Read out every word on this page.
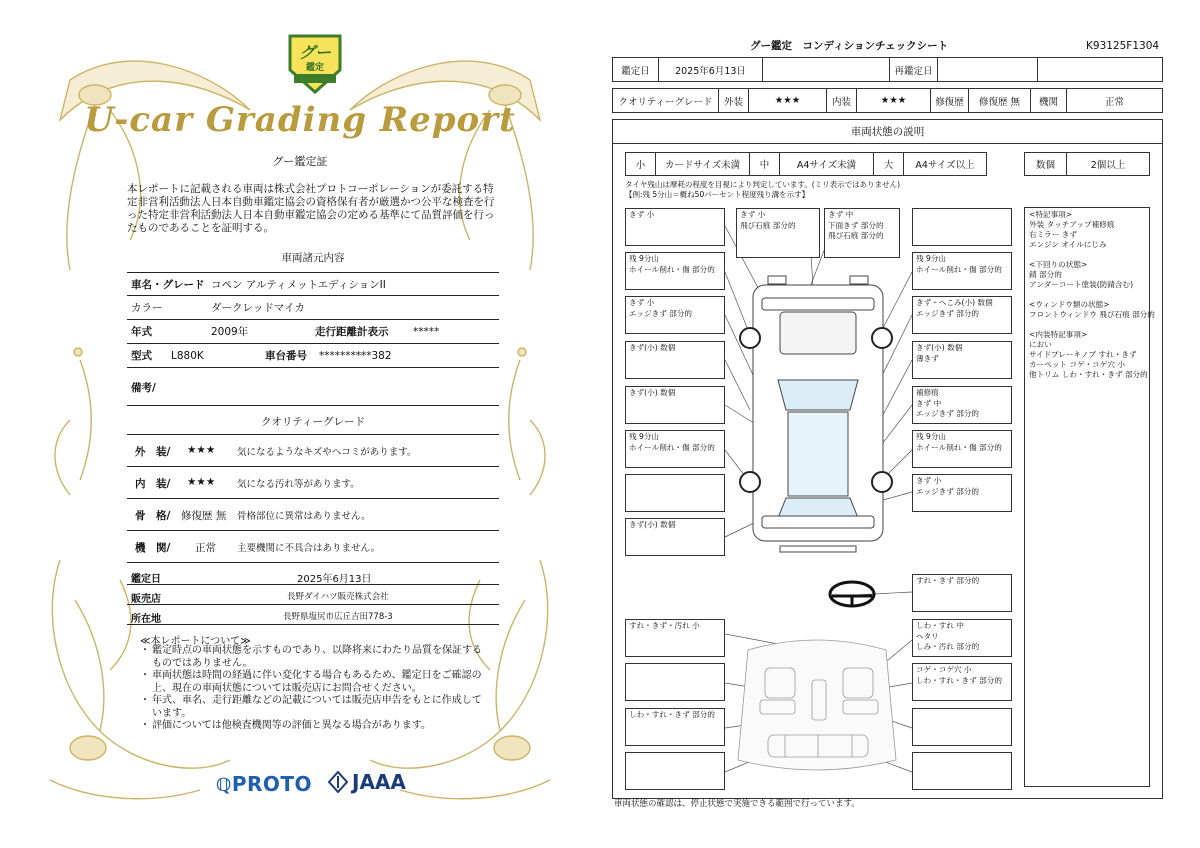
グー
鑑定
U-car Grading Report
グー鑑定証
本レポートに記載される車両は株式会社プロトコーポレーションが委託する特定非営利活動法人日本自動車鑑定協会の資格保有者が厳選かつ公平な検査を行った特定非営利活動法人日本自動車鑑定協会の定める基準にて品質評価を行ったものであることを証明する。
車両諸元内容
車名・グレード コペン アルティメットエディションII
カラー	ダークレッドマイカ
年式	2009年	走行距離計表示 *****
型式 L880K	車台番号 **********382
備考/
クオリティーグレード
外　装/ ★★★ 気になるようなキズやヘコミがあります。
内　装/ ★★★ 気になる汚れ等があります。
骨　格/ 修復歴 無 骨格部位に異常はありません。
機　関/ 正常 主要機関に不具合はありません。
鑑定日	2025年6月13日
販売店	長野ダイハツ販売株式会社
所在地	長野県塩尻市広丘吉田778-3
≪本レポートについて≫
・ 鑑定時点の車両状態を示すものであり、以降将来にわたり品質を保証するものではありません。
・ 車両状態は時間の経過に伴い変化する場合もあるため、鑑定日をご確認の上、現在の車両状態については販売店にお問合せください。
・ 年式、車名、走行距離などの記載については販売店申告をもとに作成しています。
・ 評価については他検査機関等の評価と異なる場合があります。
ℚPROTO JAAA
グー鑑定　コンディションチェックシート	K93125F1304
鑑定日	2025年6月13日	再鑑定日
クオリティーグレード	外装	★★★	内装	★★★	修復歴	修復歴 無	機関	正常
車両状態の説明
小	カードサイズ未満	中	A4サイズ未満	大	A4サイズ以上	数個	2個以上
タイヤ残山は摩耗の程度を目視により判定しています。(ミリ表示ではありません)
【例:残 5分山＝概ね50パーセント程度残り溝を示す】
きず 小	きず 小
飛び石痕 部分的
きず 中
下面きず 部分的
飛び石痕 部分的
残 9分山
ホイール削れ・傷 部分的
残 9分山
ホイール削れ・傷 部分的
きず 小
エッジきず 部分的
きず・へこみ(小) 数個
エッジきず 部分的
きず(小) 数個	きず(小) 数個
薄きず
きず(小) 数個	補修痕
きず 中
エッジきず 部分的
残 9分山
ホイール削れ・傷 部分的
残 9分山
ホイール削れ・傷 部分的
きず 小
エッジきず 部分的
きず(小) 数個
すれ・きず 部分的
すれ・きず・汚れ 小	しわ・すれ 中
ヘタリ
しみ・汚れ 部分的
コゲ・コゲ穴 小
しわ・すれ・きず 部分的
しわ・すれ・きず 部分的
<特記事項>
外装 タッチアップ補修痕
右ミラー きず
エンジン オイルにじみ
<下回りの状態>
錆 部分的
アンダーコート塗装(防錆含む)
<ウィンドウ類の状態>
フロントウィンドウ 飛び石痕 部分的
<内装特記事項>
におい
サイドブレーキノブ すれ・きず
カーペット コゲ・コゲ穴 小
他トリム しわ・すれ・きず 部分的
車両状態の確認は、停止状態で実施できる範囲で行っています。
